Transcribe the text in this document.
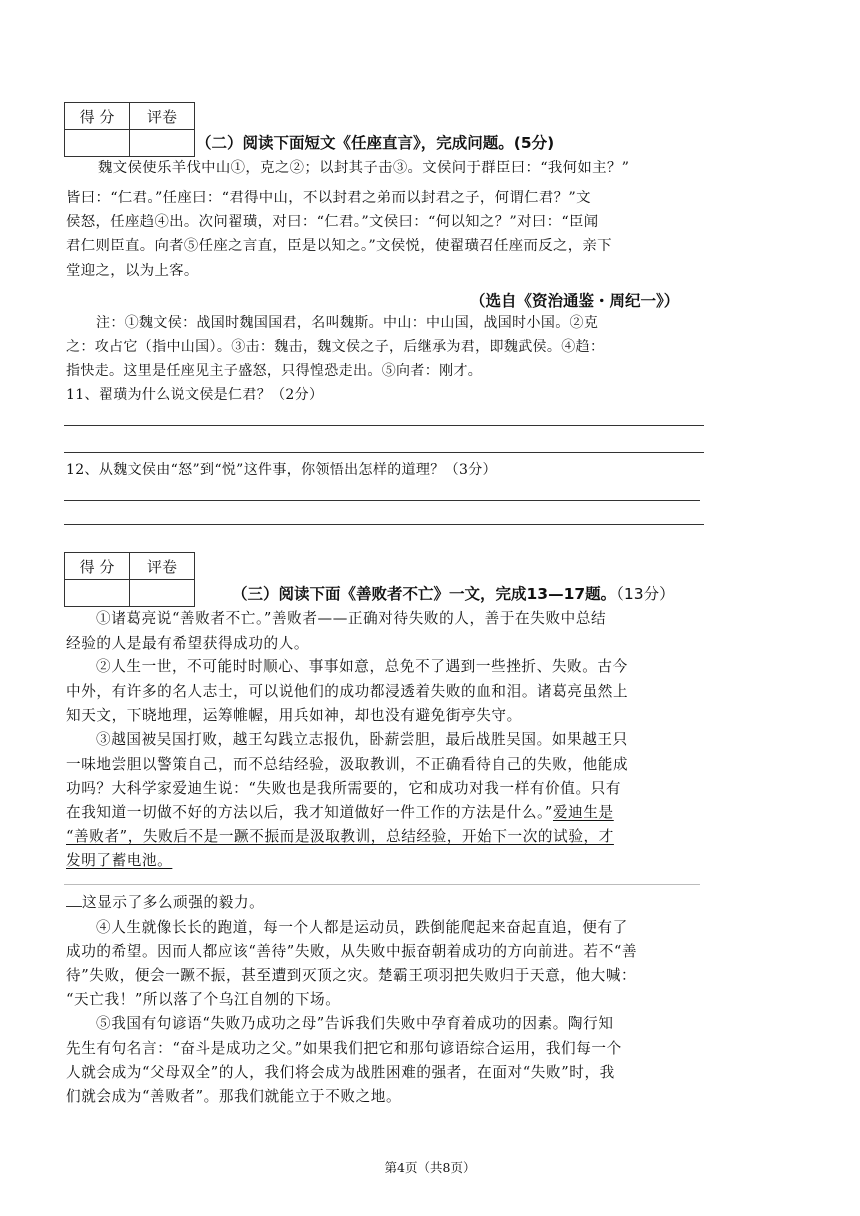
得 分	评卷

（二）阅读下面短文《任座直言》，完成问题。(5分)
魏文侯使乐羊伐中山①，克之②；以封其子击③。文侯问于群臣曰：“我何如主？”
皆曰：“仁君。”任座曰：“君得中山，不以封君之弟而以封君之子，何谓仁君？”文
侯怒，任座趋④出。次问翟璜，对曰：“仁君。”文侯曰：“何以知之？”对曰：“臣闻
君仁则臣直。向者⑤任座之言直，臣是以知之。”文侯悦，使翟璜召任座而反之，亲下
堂迎之，以为上客。
（选自《资治通鉴・周纪一》）
注：①魏文侯：战国时魏国国君，名叫魏斯。中山：中山国，战国时小国。②克
之：攻占它（指中山国）。③击：魏击，魏文侯之子，后继承为君，即魏武侯。④趋：
指快走。这里是任座见主子盛怒，只得惶恐走出。⑤向者：刚才。
11、翟璜为什么说文侯是仁君？（2分）
12、从魏文侯由“怒”到“悦”这件事，你领悟出怎样的道理？（3分）
得 分	评卷

（三）阅读下面《善败者不亡》一文，完成13—17题。（13分）
①诸葛亮说“善败者不亡。”善败者——正确对待失败的人，善于在失败中总结
经验的人是最有希望获得成功的人。
②人生一世，不可能时时顺心、事事如意，总免不了遇到一些挫折、失败。古今
中外，有许多的名人志士，可以说他们的成功都浸透着失败的血和泪。诸葛亮虽然上
知天文，下晓地理，运筹帷幄，用兵如神，却也没有避免街亭失守。
③越国被吴国打败，越王勾践立志报仇，卧薪尝胆，最后战胜吴国。如果越王只
一味地尝胆以警策自己，而不总结经验，汲取教训，不正确看待自己的失败，他能成
功吗？大科学家爱迪生说：“失败也是我所需要的，它和成功对我一样有价值。只有
在我知道一切做不好的方法以后，我才知道做好一件工作的方法是什么。”爱迪生是
“善败者”，失败后不是一蹶不振而是汲取教训，总结经验，开始下一次的试验，才
发明了蓄电池。
这显示了多么顽强的毅力。
④人生就像长长的跑道，每一个人都是运动员，跌倒能爬起来奋起直追，便有了
成功的希望。因而人都应该“善待”失败，从失败中振奋朝着成功的方向前进。若不“善
待”失败，便会一蹶不振，甚至遭到灭顶之灾。楚霸王项羽把失败归于天意，他大喊：
“天亡我！”所以落了个乌江自刎的下场。
⑤我国有句谚语“失败乃成功之母”告诉我们失败中孕育着成功的因素。陶行知
先生有句名言：“奋斗是成功之父。”如果我们把它和那句谚语综合运用，我们每一个
人就会成为“父母双全”的人，我们将会成为战胜困难的强者，在面对“失败”时，我
们就会成为“善败者”。那我们就能立于不败之地。
第4页（共8页）
